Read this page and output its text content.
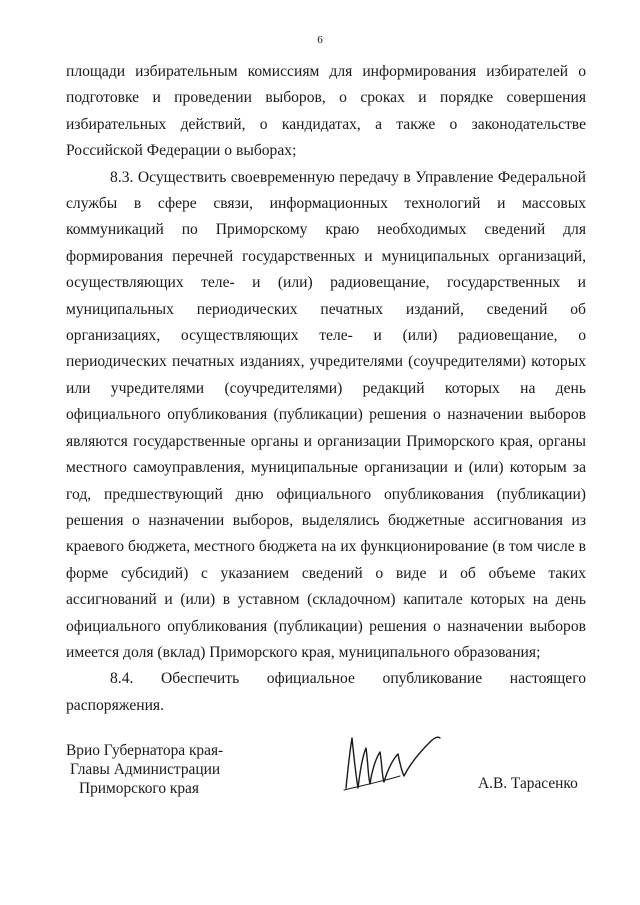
6

площади избирательным комиссиям для информирования избирателей о подготовке и проведении выборов, о сроках и порядке совершения избирательных действий, о кандидатах, а также о законодательстве Российской Федерации о выборах;

8.3. Осуществить своевременную передачу в Управление Федеральной службы в сфере связи, информационных технологий и массовых коммуникаций по Приморскому краю необходимых сведений для формирования перечней государственных и муниципальных организаций, осуществляющих теле- и (или) радиовещание, государственных и муниципальных периодических печатных изданий, сведений об организациях, осуществляющих теле- и (или) радиовещание, о периодических печатных изданиях, учредителями (соучредителями) которых или учредителями (соучредителями) редакций которых на день официального опубликования (публикации) решения о назначении выборов являются государственные органы и организации Приморского края, органы местного самоуправления, муниципальные организации и (или) которым за год, предшествующий дню официального опубликования (публикации) решения о назначении выборов, выделялись бюджетные ассигнования из краевого бюджета, местного бюджета на их функционирование (в том числе в форме субсидий) с указанием сведений о виде и об объеме таких ассигнований и (или) в уставном (складочном) капитале которых на день официального опубликования (публикации) решения о назначении выборов имеется доля (вклад) Приморского края, муниципального образования;

8.4. Обеспечить официальное опубликование настоящего распоряжения.

Врио Губернатора края-
Главы Администрации
Приморского края	А.В. Тарасенко
